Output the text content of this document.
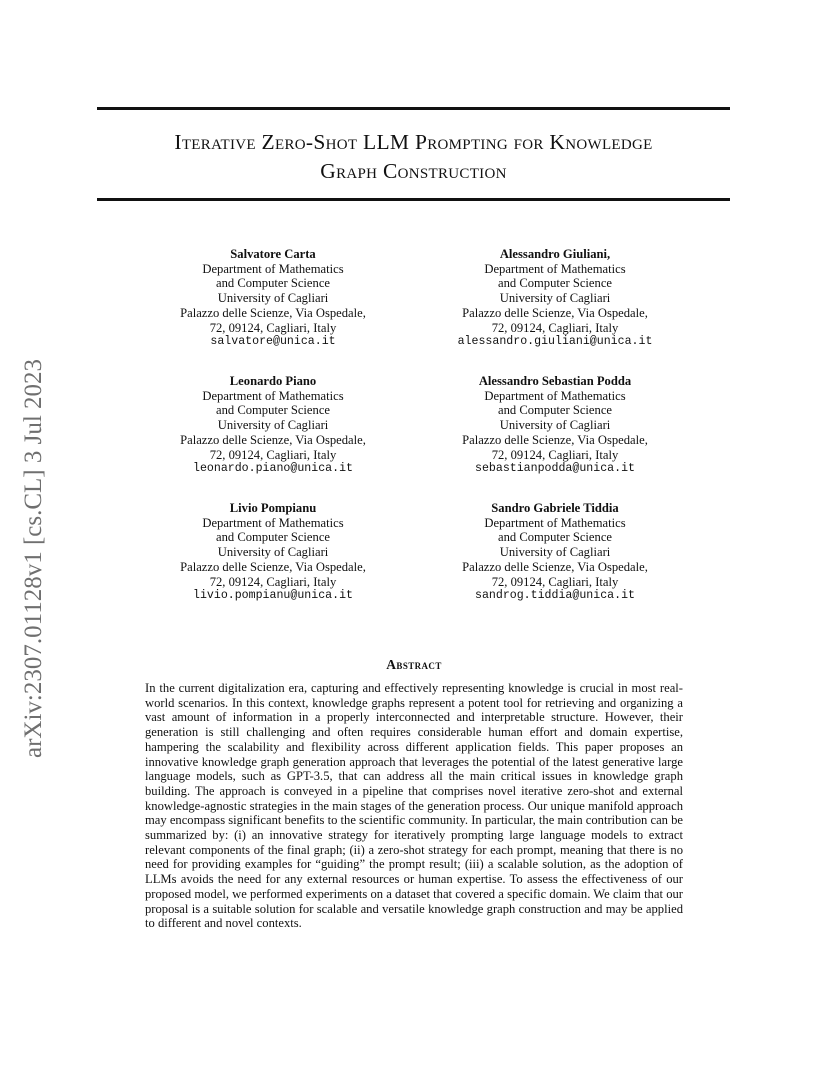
arXiv:2307.01128v1 [cs.CL] 3 Jul 2023
Iterative Zero-Shot LLM Prompting for Knowledge
Graph Construction
Salvatore Carta
Department of Mathematics
and Computer Science
University of Cagliari
Palazzo delle Scienze, Via Ospedale,
72, 09124, Cagliari, Italy
salvatore@unica.it
Alessandro Giuliani,
Department of Mathematics
and Computer Science
University of Cagliari
Palazzo delle Scienze, Via Ospedale,
72, 09124, Cagliari, Italy
alessandro.giuliani@unica.it
Leonardo Piano
Department of Mathematics
and Computer Science
University of Cagliari
Palazzo delle Scienze, Via Ospedale,
72, 09124, Cagliari, Italy
leonardo.piano@unica.it
Alessandro Sebastian Podda
Department of Mathematics
and Computer Science
University of Cagliari
Palazzo delle Scienze, Via Ospedale,
72, 09124, Cagliari, Italy
sebastianpodda@unica.it
Livio Pompianu
Department of Mathematics
and Computer Science
University of Cagliari
Palazzo delle Scienze, Via Ospedale,
72, 09124, Cagliari, Italy
livio.pompianu@unica.it
Sandro Gabriele Tiddia
Department of Mathematics
and Computer Science
University of Cagliari
Palazzo delle Scienze, Via Ospedale,
72, 09124, Cagliari, Italy
sandrog.tiddia@unica.it
Abstract
In the current digitalization era, capturing and effectively representing knowledge is crucial in most real-world scenarios. In this context, knowledge graphs represent a potent tool for retrieving and organizing a vast amount of information in a properly interconnected and interpretable structure. However, their generation is still challenging and often requires considerable human effort and domain expertise, hampering the scalability and flexibility across different application fields. This paper proposes an innovative knowledge graph generation approach that leverages the potential of the latest generative large language models, such as GPT-3.5, that can address all the main critical issues in knowledge graph building. The approach is conveyed in a pipeline that comprises novel iterative zero-shot and external knowledge-agnostic strategies in the main stages of the generation process. Our unique manifold approach may encompass significant benefits to the scientific community. In particular, the main contribution can be summarized by: (i) an innovative strategy for iteratively prompting large language models to extract relevant components of the final graph; (ii) a zero-shot strategy for each prompt, meaning that there is no need for providing examples for “guiding” the prompt result; (iii) a scalable solution, as the adoption of LLMs avoids the need for any external resources or human expertise. To assess the effectiveness of our proposed model, we performed experiments on a dataset that covered a specific domain. We claim that our proposal is a suitable solution for scalable and versatile knowledge graph construction and may be applied to different and novel contexts.
